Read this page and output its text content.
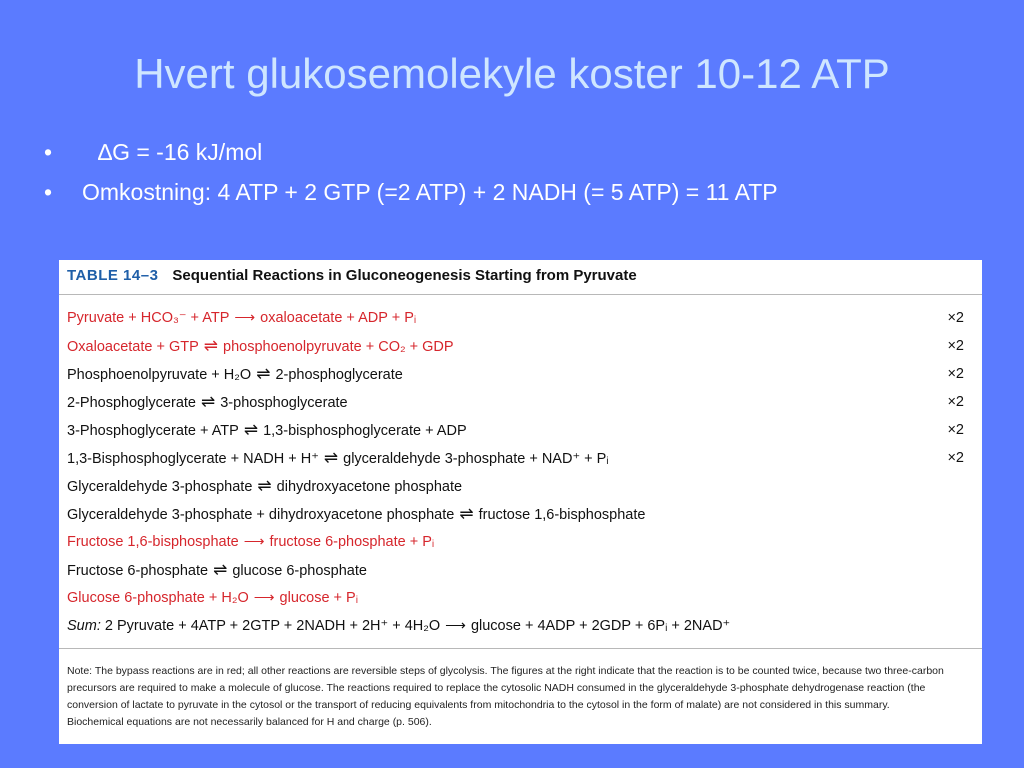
Hvert glukosemolekyle koster 10-12 ATP
•	∆G = -16 kJ/mol
•	Omkostning: 4 ATP + 2 GTP (=2 ATP) + 2 NADH (= 5 ATP) = 11 ATP
TABLE 14–3 Sequential Reactions in Gluconeogenesis Starting from Pyruvate
Pyruvate + HCO₃⁻ + ATP ⟶ oxaloacetate + ADP + Pᵢ	×2
Oxaloacetate + GTP ⇌ phosphoenolpyruvate + CO₂ + GDP	×2
Phosphoenolpyruvate + H₂O ⇌ 2-phosphoglycerate	×2
2-Phosphoglycerate ⇌ 3-phosphoglycerate	×2
3-Phosphoglycerate + ATP ⇌ 1,3-bisphosphoglycerate + ADP	×2
1,3-Bisphosphoglycerate + NADH + H⁺ ⇌ glyceraldehyde 3-phosphate + NAD⁺ + Pᵢ	×2
Glyceraldehyde 3-phosphate ⇌ dihydroxyacetone phosphate
Glyceraldehyde 3-phosphate + dihydroxyacetone phosphate ⇌ fructose 1,6-bisphosphate
Fructose 1,6-bisphosphate ⟶ fructose 6-phosphate + Pᵢ
Fructose 6-phosphate ⇌ glucose 6-phosphate
Glucose 6-phosphate + H₂O ⟶ glucose + Pᵢ
Sum: 2 Pyruvate + 4ATP + 2GTP + 2NADH + 2H⁺ + 4H₂O ⟶ glucose + 4ADP + 2GDP + 6Pᵢ + 2NAD⁺
Note: The bypass reactions are in red; all other reactions are reversible steps of glycolysis. The figures at the right indicate that the reaction is to be counted twice, because two three-carbon precursors are required to make a molecule of glucose. The reactions required to replace the cytosolic NADH consumed in the glyceraldehyde 3-phosphate dehydrogenase reaction (the conversion of lactate to pyruvate in the cytosol or the transport of reducing equivalents from mitochondria to the cytosol in the form of malate) are not considered in this summary. Biochemical equations are not necessarily balanced for H and charge (p. 506).
